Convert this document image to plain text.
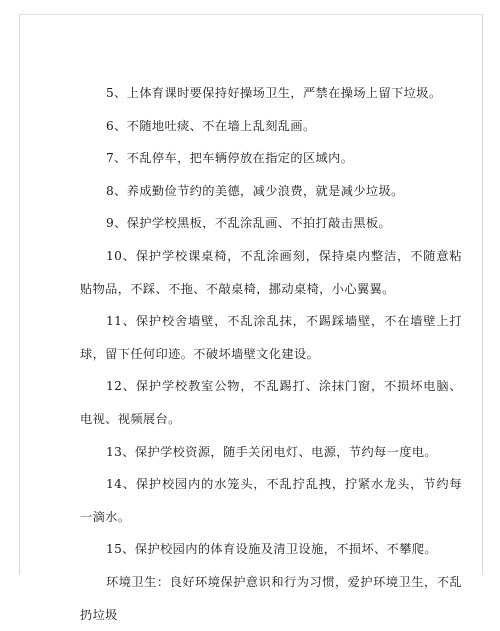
5、上体育课时要保持好操场卫生，严禁在操场上留下垃圾。

6、不随地吐痰、不在墙上乱刻乱画。

7、不乱停车，把车辆停放在指定的区域内。

8、养成勤俭节约的美德，减少浪费，就是减少垃圾。

9、保护学校黑板，不乱涂乱画、不拍打敲击黑板。

10、保护学校课桌椅，不乱涂画刻，保持桌内整洁，不随意粘贴物品，不踩、不拖、不敲桌椅，挪动桌椅，小心翼翼。

11、保护校舍墙壁，不乱涂乱抹，不踢踩墙壁，不在墙壁上打球，留下任何印迹。不破坏墙壁文化建设。

12、保护学校教室公物，不乱踢打、涂抹门窗，不损坏电脑、电视、视频展台。

13、保护学校资源，随手关闭电灯、电源，节约每一度电。

14、保护校园内的水笼头，不乱拧乱拽，拧紧水龙头，节约每一滴水。

15、保护校园内的体育设施及清卫设施，不损坏、不攀爬。

环境卫生：良好环境保护意识和行为习惯，爱护环境卫生，不乱扔垃圾
